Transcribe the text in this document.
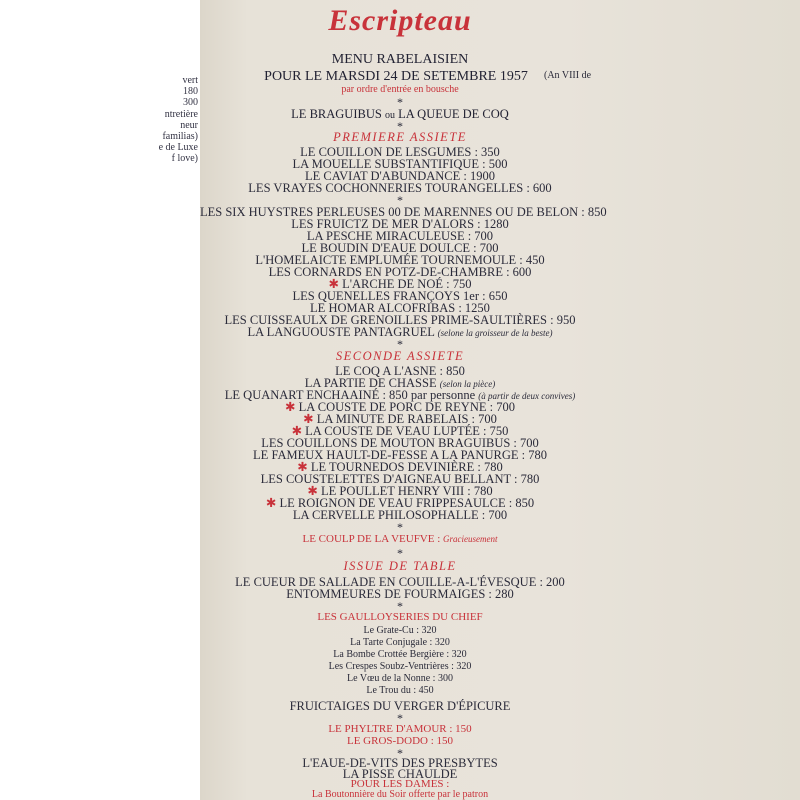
Escripteau
MENU RABELAISIEN
POUR LE MARSDI 24 DE SETEMBRE 1957	(An VIII de
par ordre d'entrée en bousche
vert
180
300
ntretière
neur
familias)
e de Luxe
f love)
*
LE BRAGUIBUS ou LA QUEUE DE COQ
*
PREMIERE ASSIETE
LE COUILLON DE LESGUMES : 350
LA MOUELLE SUBSTANTIFIQUE : 500
LE CAVIAT D'ABUNDANCE : 1900
LES VRAYES COCHONNERIES TOURANGELLES : 600
*
LES SIX HUYSTRES PERLEUSES 00 DE MARENNES OU DE BELON : 850
LES FRUICTZ DE MER D'ALORS : 1280
LA PESCHE MIRACULEUSE : 700
LE BOUDIN D'EAUE DOULCE : 700
L'HOMELAICTE EMPLUMÉE TOURNEMOULE : 450
LES CORNARDS EN POTZ-DE-CHAMBRE : 600
✱ L'ARCHE DE NOÉ : 750
LES QUENELLES FRANÇOYS 1er : 650
LE HOMAR ALCOFRIBAS : 1250
LES CUISSEAULX DE GRENOILLES PRIME-SAULTIÈRES : 950
LA LANGUOUSTE PANTAGRUEL (selone la groisseur de la beste)
*
SECONDE ASSIETE
LE COQ A L'ASNE : 850
LA PARTIE DE CHASSE (selon la pièce)
LE QUANART ENCHAAINÉ : 850 par personne (à partir de deux convives)
✱ LA COUSTE DE PORC DE REYNE : 700
✱ LA MINUTE DE RABELAIS : 700
✱ LA COUSTE DE VEAU LUPTÉE : 750
LES COUILLONS DE MOUTON BRAGUIBUS : 700
LE FAMEUX HAULT-DE-FESSE A LA PANURGE : 780
✱ LE TOURNEDOS DEVINIÈRE : 780
LES COUSTELETTES D'AIGNEAU BELLANT : 780
✱ LE POULLET HENRY VIII : 780
✱ LE ROIGNON DE VEAU FRIPPESAULCE : 850
LA CERVELLE PHILOSOPHALLE : 700
*
LE COULP DE LA VEUFVE : Gracieusement
*
ISSUE DE TABLE
LE CUEUR DE SALLADE EN COUILLE-A-L'ÉVESQUE : 200
ENTOMMEURES DE FOURMAIGES : 280
*
LES GAULLOYSERIES DU CHIEF
Le Grate-Cu : 320
La Tarte Conjugale : 320
La Bombe Crottée Bergière : 320
Les Crespes Soubz-Ventrières : 320
Le Vœu de la Nonne : 300
Le Trou du : 450
FRUICTAIGES DU VERGER D'ÉPICURE
*
LE PHYLTRE D'AMOUR : 150
LE GROS-DODO : 150
*
L'EAUE-DE-VITS DES PRESBYTES
LA PISSE CHAULDE
POUR LES DAMES :
La Boutonnière du Soir offerte par le patron
